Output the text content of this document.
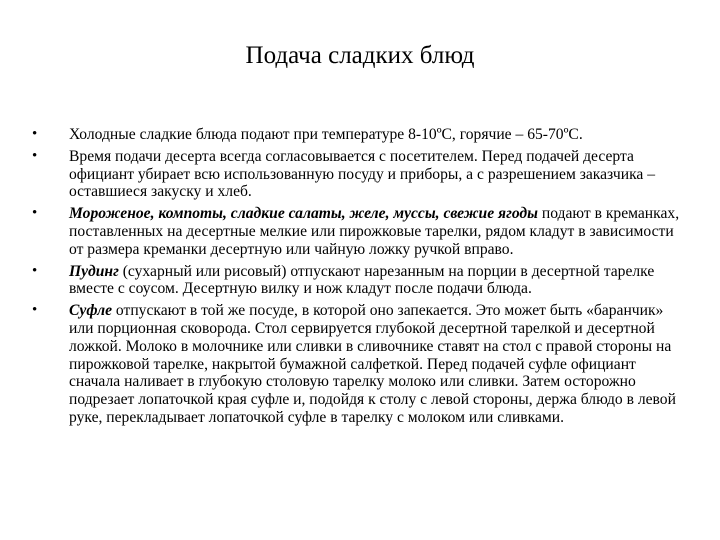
Подача сладких блюд
• Холодные сладкие блюда подают при температуре 8-10ºС, горячие – 65-70ºС.
• Время подачи десерта всегда согласовывается с посетителем. Перед подачей десерта официант убирает всю использованную посуду и приборы, а с разрешением заказчика – оставшиеся закуску и хлеб.
• Мороженое, компоты, сладкие салаты, желе, муссы, свежие ягоды подают в креманках, поставленных на десертные мелкие или пирожковые тарелки, рядом кладут в зависимости от размера креманки десертную или чайную ложку ручкой вправо.
• Пудинг (сухарный или рисовый) отпускают нарезанным на порции в десертной тарелке вместе с соусом. Десертную вилку и нож кладут после подачи блюда.
• Суфле отпускают в той же посуде, в которой оно запекается. Это может быть «баранчик» или порционная сковорода. Стол сервируется глубокой десертной тарелкой и десертной ложкой. Молоко в молочнике или сливки в сливочнике ставят на стол с правой стороны на пирожковой тарелке, накрытой бумажной салфеткой. Перед подачей суфле официант сначала наливает в глубокую столовую тарелку молоко или сливки. Затем осторожно подрезает лопаточкой края суфле и, подойдя к столу с левой стороны, держа блюдо в левой руке, перекладывает лопаточкой суфле в тарелку с молоком или сливками.
